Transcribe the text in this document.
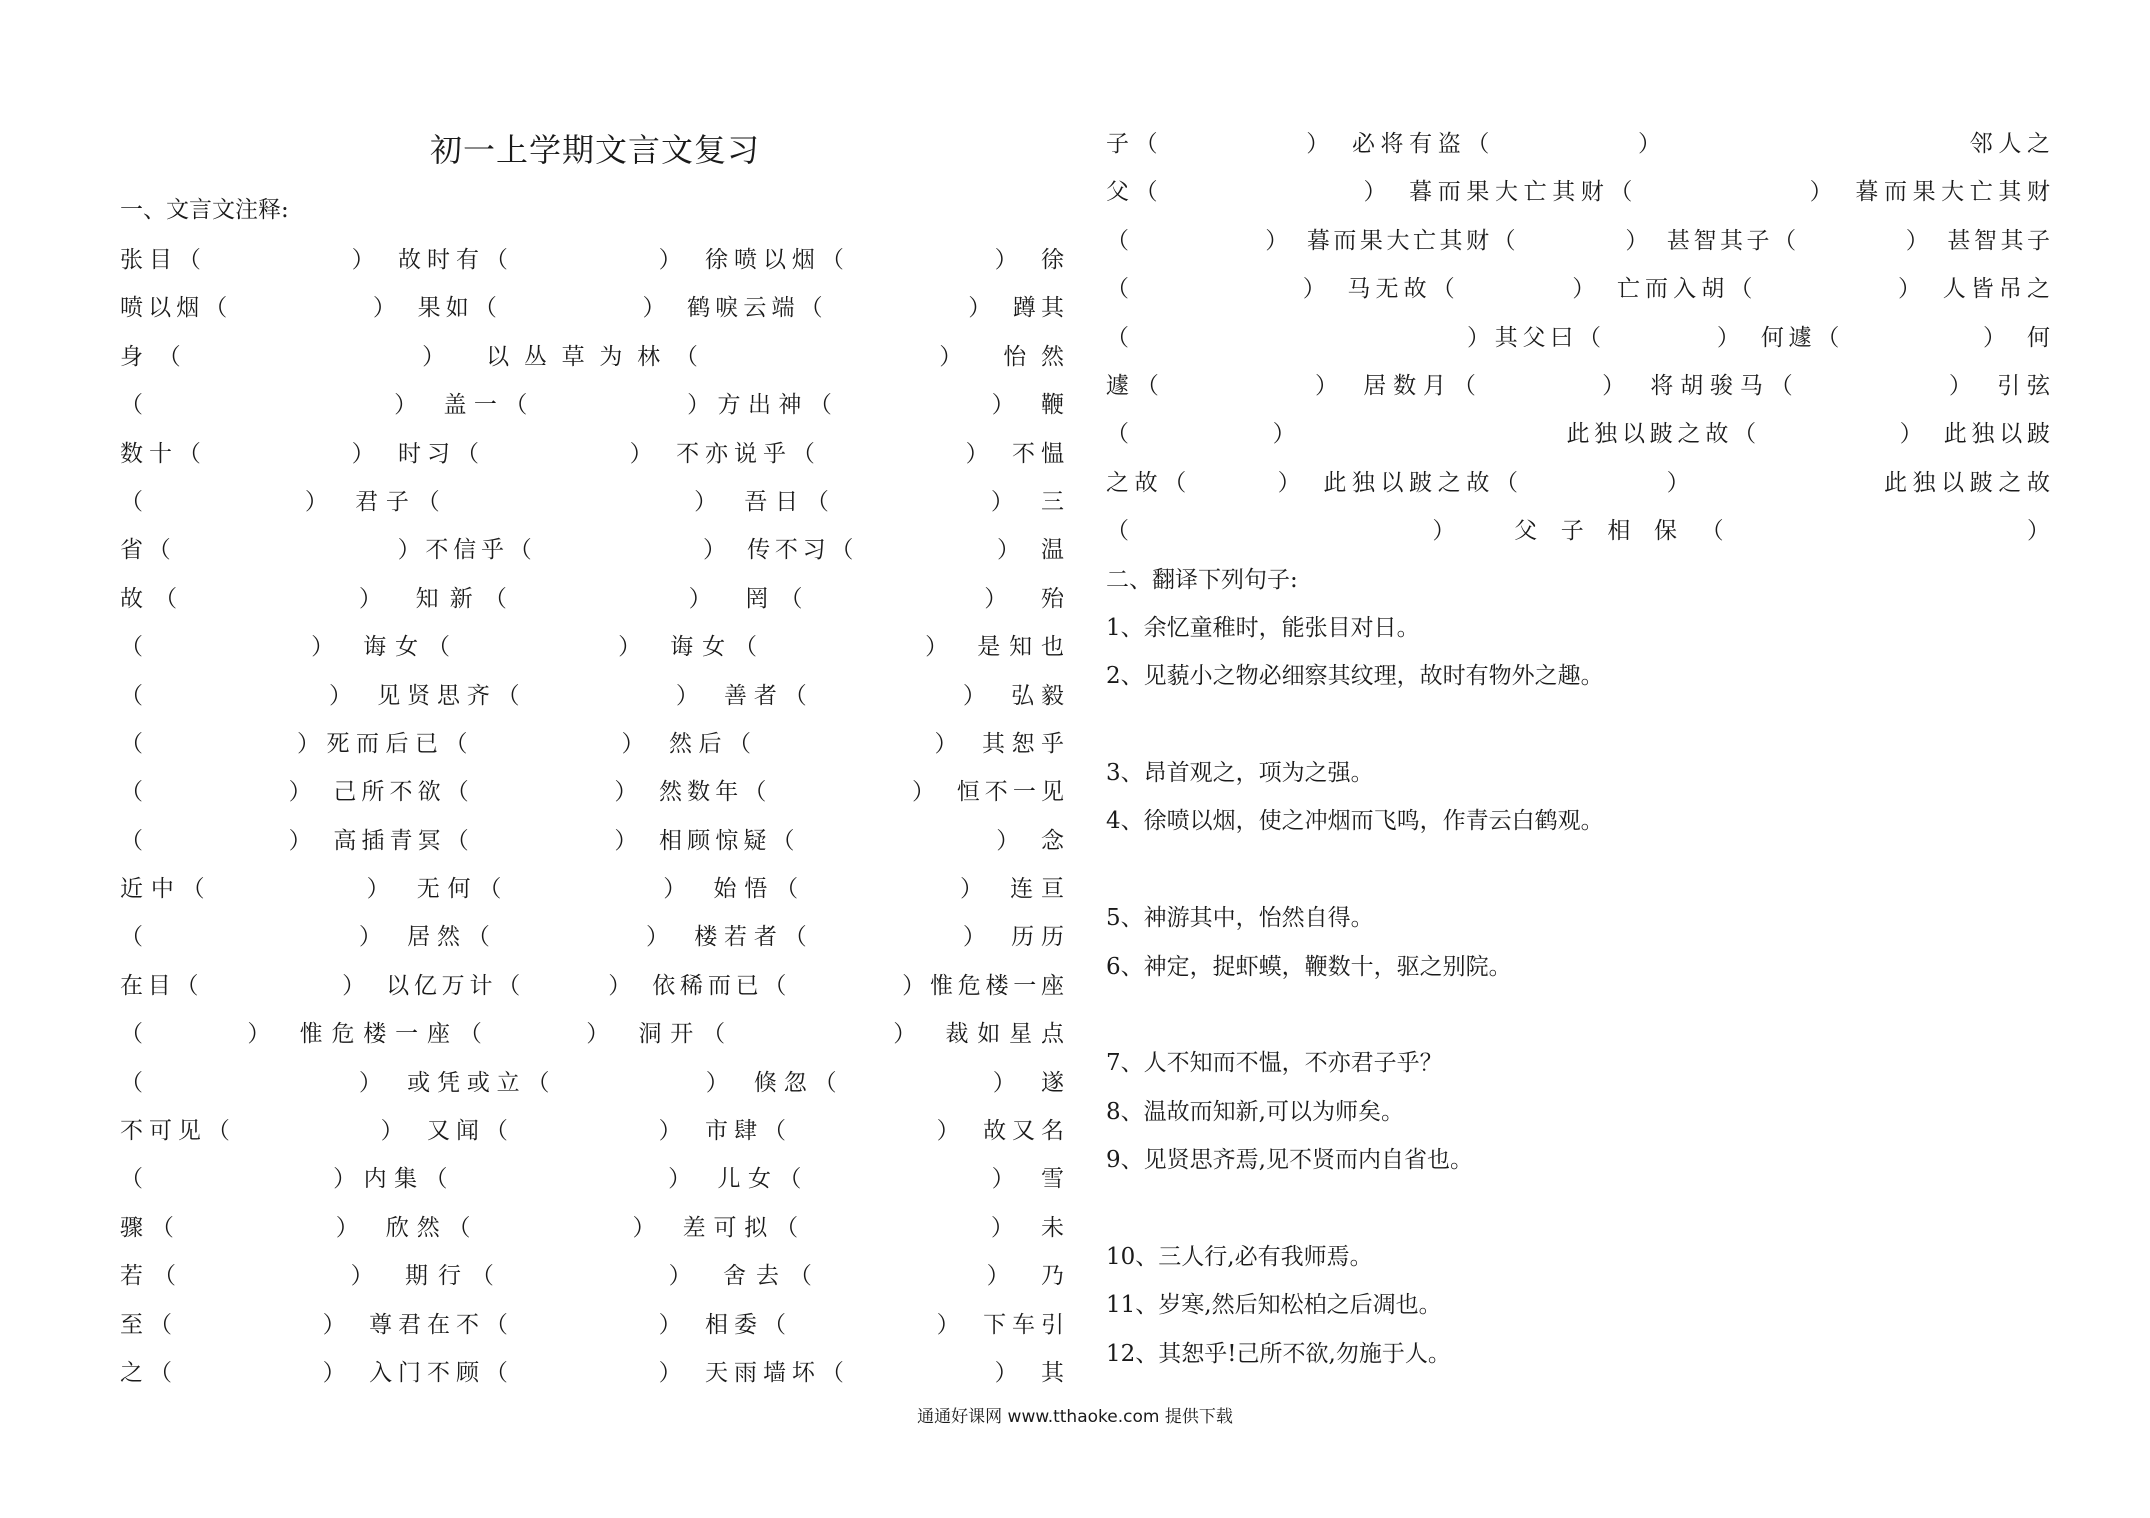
初一上学期文言文复习
一、文言文注释:
张目（　　　　　）　故时有（　　　　　）　徐喷以烟（　　　　　）　徐
喷以烟（　　　　　）　果如（　　　　　）　鹤唳云端（　　　　　）　蹲其
身（　　　　　　）　以丛草为林（　　　　　　）　怡然
（　　　　　　　　）　盖一（　　　　　）方出神（　　　　　）　鞭
数十（　　　　　）　时习（　　　　　）　不亦说乎（　　　　　）　不愠
（　　　　　）　君子（　　　　　　　　）　吾日（　　　　　）　三
省（　　　　　　　　）不信乎（　　　　　　）　传不习（　　　　　）　温
故（　　　　　）　知新（　　　　　）　罔（　　　　　）　殆
（　　　　　）　诲女（　　　　　）　诲女（　　　　　）　是知也
（　　　　　　）　见贤思齐（　　　　　）　善者（　　　　　）　弘毅
（　　　　　）死而后已（　　　　　）　然后（　　　　　　）　其恕乎
（　　　　　）　己所不欲（　　　　　）　然数年（　　　　　）　恒不一见
（　　　　　）　高插青冥（　　　　　）　相顾惊疑（　　　　　　　）　念
近中（　　　　　）　无何（　　　　　）　始悟（　　　　　）　连亘
（　　　　　　　）　居然（　　　　　）　楼若者（　　　　　）　历历
在目（　　　　　）　以亿万计（　　　）　依稀而已（　　　　）惟危楼一座
（　　　）　惟危楼一座（　　　）　洞开（　　　　　）　裁如星点
（　　　　　　　）　或凭或立（　　　　　）　倏忽（　　　　　）　遂
不可见（　　　　　）　又闻（　　　　　）　市肆（　　　　　）　故又名
（　　　　　　）内集（　　　　　　　）　儿女（　　　　　　）　雪
骤（　　　　　）　欣然（　　　　　）　差可拟（　　　　　　）　未
若（　　　　　）　期行（　　　　　）　舍去（　　　　　）　乃
至（　　　　　）　尊君在不（　　　　　）　相委（　　　　　）　下车引
之（　　　　　）　入门不顾（　　　　　）　天雨墙坏（　　　　　）　其
子（　　　　　）　必将有盗（　　　　　）　　　　　　　　　　　邻人之
父（　　　　　　　）　暮而果大亡其财（　　　　　　）　暮而果大亡其财
（　　　　　）　暮而果大亡其财（　　　　）　甚智其子（　　　　）　甚智其子
（　　　　　　）　马无故（　　　　）　亡而入胡（　　　　　）　人皆吊之
（　　　　　　　　　　　　）其父曰（　　　　）　何遽（　　　　　）　何
遽（　　　　　）　居数月（　　　　）　将胡骏马（　　　　　）　引弦
（　　　　　）　　　　　　　　　　此独以跛之故（　　　　　）　此独以跛
之故（　　　）　此独以跛之故（　　　　　）　　　　　　　此独以跛之故
（　　　　　　）　父子相保（　　　　　　）
二、翻译下列句子:
1、余忆童稚时，能张目对日。
2、见藐小之物必细察其纹理，故时有物外之趣。
3、昂首观之，项为之强。
4、徐喷以烟，使之冲烟而飞鸣，作青云白鹤观。
5、神游其中，怡然自得。
6、神定，捉虾蟆，鞭数十，驱之别院。
7、人不知而不愠，不亦君子乎？
8、温故而知新,可以为师矣。
9、见贤思齐焉,见不贤而内自省也。
10、三人行,必有我师焉。
11、岁寒,然后知松柏之后凋也。
12、其恕乎!己所不欲,勿施于人。
通通好课网 www.tthaoke.com 提供下载
